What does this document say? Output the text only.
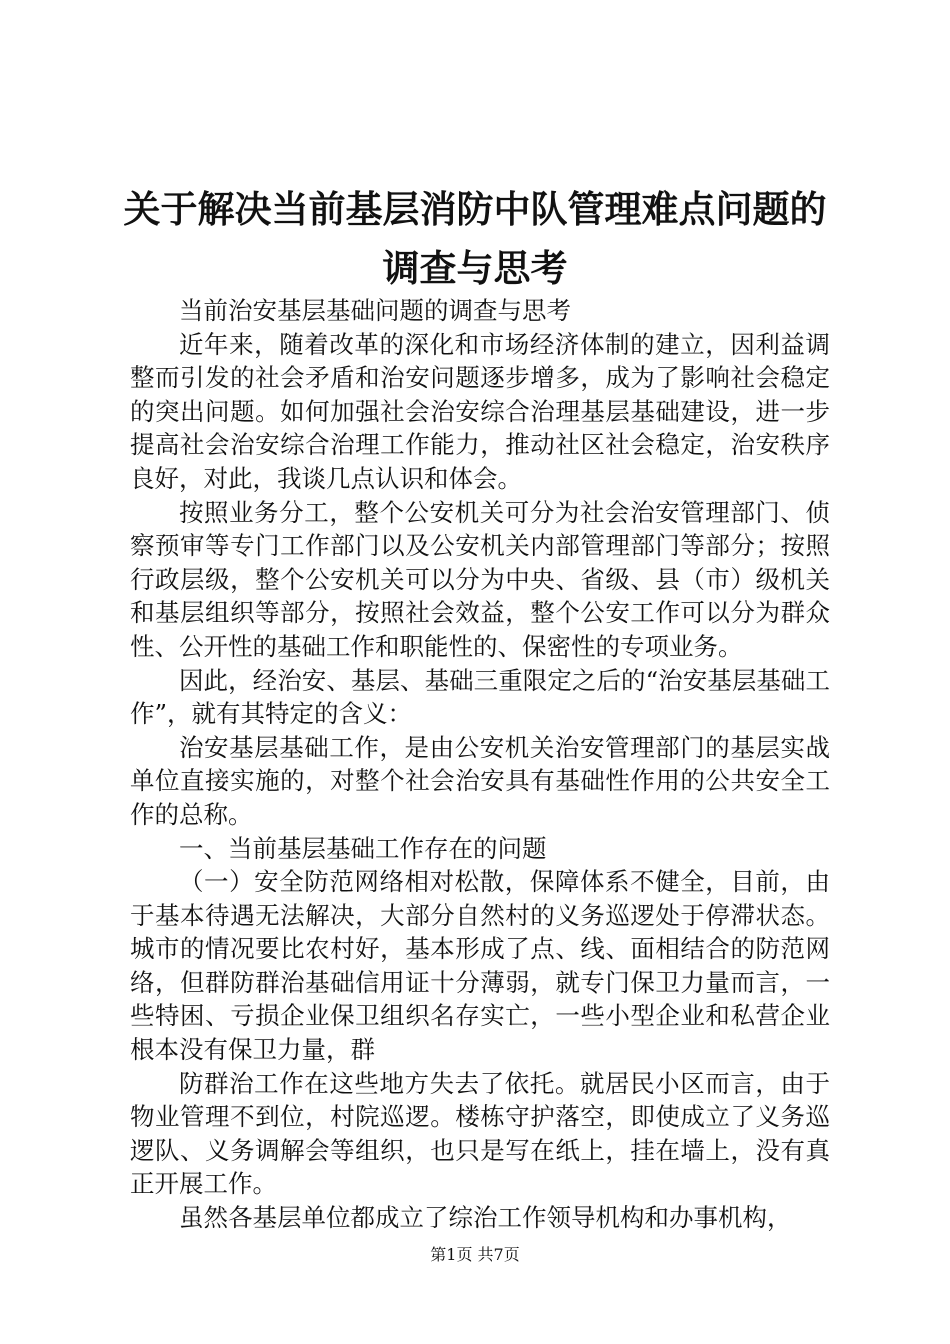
关于解决当前基层消防中队管理难点问题的调查与思考

当前治安基层基础问题的调查与思考

近年来，随着改革的深化和市场经济体制的建立，因利益调整而引发的社会矛盾和治安问题逐步增多，成为了影响社会稳定的突出问题。如何加强社会治安综合治理基层基础建设，进一步提高社会治安综合治理工作能力，推动社区社会稳定，治安秩序良好，对此，我谈几点认识和体会。

按照业务分工，整个公安机关可分为社会治安管理部门、侦察预审等专门工作部门以及公安机关内部管理部门等部分；按照行政层级，整个公安机关可以分为中央、省级、县（市）级机关和基层组织等部分，按照社会效益，整个公安工作可以分为群众性、公开性的基础工作和职能性的、保密性的专项业务。

因此，经治安、基层、基础三重限定之后的“治安基层基础工作”，就有其特定的含义：

治安基层基础工作，是由公安机关治安管理部门的基层实战单位直接实施的，对整个社会治安具有基础性作用的公共安全工作的总称。

一、当前基层基础工作存在的问题

（一）安全防范网络相对松散，保障体系不健全，目前，由于基本待遇无法解决，大部分自然村的义务巡逻处于停滞状态。城市的情况要比农村好，基本形成了点、线、面相结合的防范网络，但群防群治基础信用证十分薄弱，就专门保卫力量而言，一些特困、亏损企业保卫组织名存实亡，一些小型企业和私营企业根本没有保卫力量，群

防群治工作在这些地方失去了依托。就居民小区而言，由于物业管理不到位，村院巡逻。楼栋守护落空，即使成立了义务巡逻队、义务调解会等组织，也只是写在纸上，挂在墙上，没有真正开展工作。

虽然各基层单位都成立了综治工作领导机构和办事机构，

第1页 共7页
